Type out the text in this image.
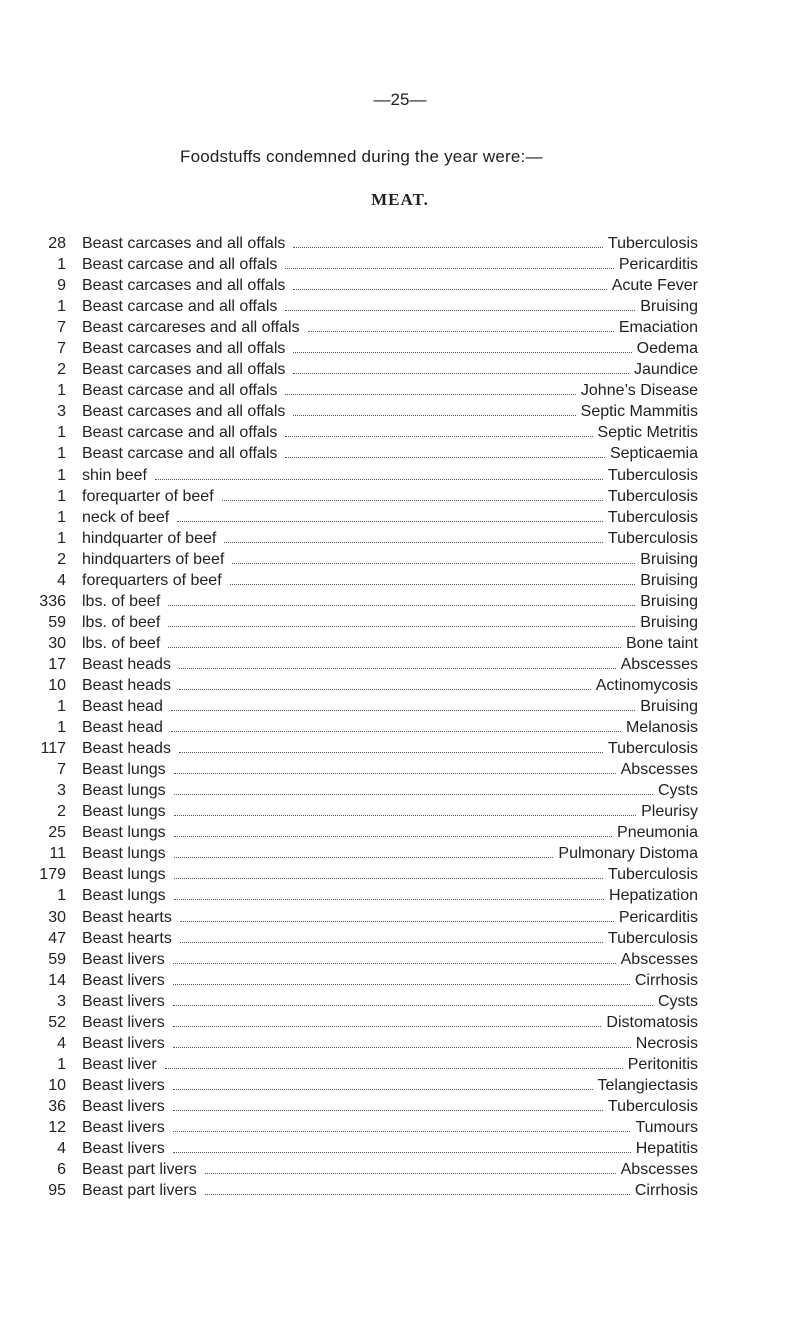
—25—
Foodstuffs condemned during the year were:—
MEAT.
28 Beast carcases and all offals	Tuberculosis
1 Beast carcase and all offals	Pericarditis
9 Beast carcases and all offals	Acute Fever
1 Beast carcase and all offals	Bruising
7 Beast carcareses and all offals	Emaciation
7 Beast carcases and all offals	Oedema
2 Beast carcases and all offals	Jaundice
1 Beast carcase and all offals	Johne’s Disease
3 Beast carcases and all offals	Septic Mammitis
1 Beast carcase and all offals	Septic Metritis
1 Beast carcase and all offals	Septicaemia
1 shin beef	Tuberculosis
1 forequarter of beef	Tuberculosis
1 neck of beef	Tuberculosis
1 hindquarter of beef	Tuberculosis
2 hindquarters of beef	Bruising
4 forequarters of beef	Bruising
336 lbs. of beef	Bruising
59 lbs. of beef	Bruising
30 lbs. of beef	Bone taint
17 Beast heads	Abscesses
10 Beast heads	Actinomycosis
1 Beast head	Bruising
1 Beast head	Melanosis
117 Beast heads	Tuberculosis
7 Beast lungs	Abscesses
3 Beast lungs	Cysts
2 Beast lungs	Pleurisy
25 Beast lungs	Pneumonia
11 Beast lungs	Pulmonary Distoma
179 Beast lungs	Tuberculosis
1 Beast lungs	Hepatization
30 Beast hearts	Pericarditis
47 Beast hearts	Tuberculosis
59 Beast livers	Abscesses
14 Beast livers	Cirrhosis
3 Beast livers	Cysts
52 Beast livers	Distomatosis
4 Beast livers	Necrosis
1 Beast liver	Peritonitis
10 Beast livers	Telangiectasis
36 Beast livers	Tuberculosis
12 Beast livers	Tumours
4 Beast livers	Hepatitis
6 Beast part livers	Abscesses
95 Beast part livers	Cirrhosis
